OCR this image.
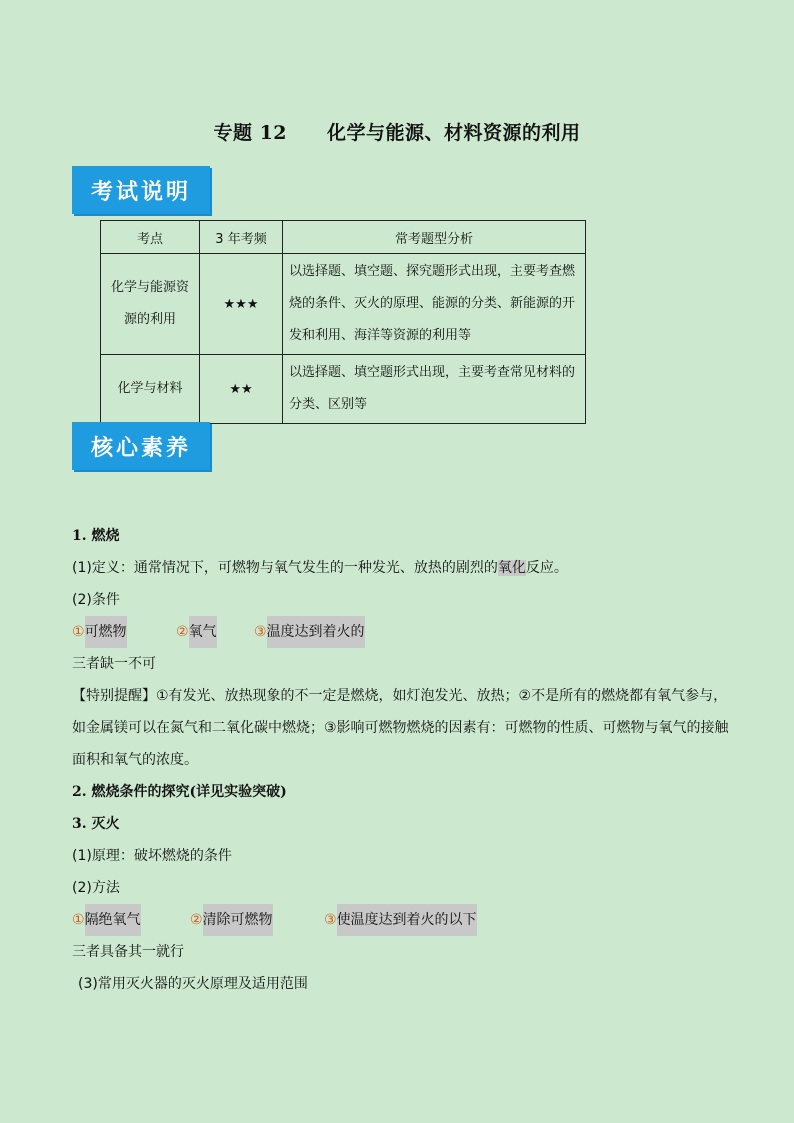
专题 12 化学与能源、材料资源的利用
考试说明
考点	3 年考频	常考题型分析

化学与能源资源的利用	★★★	以选择题、填空题、探究题形式出现，主要考查燃烧的条件、灭火的原理、能源的分类、新能源的开发和利用、海洋等资源的利用等
化学与材料	★★	以选择题、填空题形式出现，主要考查常见材料的分类、区别等
核心素养

1. 燃烧

(1)定义：通常情况下，可燃物与氧气发生的一种发光、放热的剧烈的氧化反应。

(2)条件

①可燃物	②氧气	③温度达到着火的

三者缺一不可

【特别提醒】①有发光、放热现象的不一定是燃烧，如灯泡发光、放热；②不是所有的燃烧都有氧气参与，如金属镁可以在氮气和二氧化碳中燃烧；③影响可燃物燃烧的因素有：可燃物的性质、可燃物与氧气的接触面积和氧气的浓度。

2. 燃烧条件的探究(详见实验突破)

3. 灭火

(1)原理：破坏燃烧的条件

(2)方法

①隔绝氧气	②清除可燃物	③使温度达到着火的以下

三者具备其一就行

(3)常用灭火器的灭火原理及适用范围
